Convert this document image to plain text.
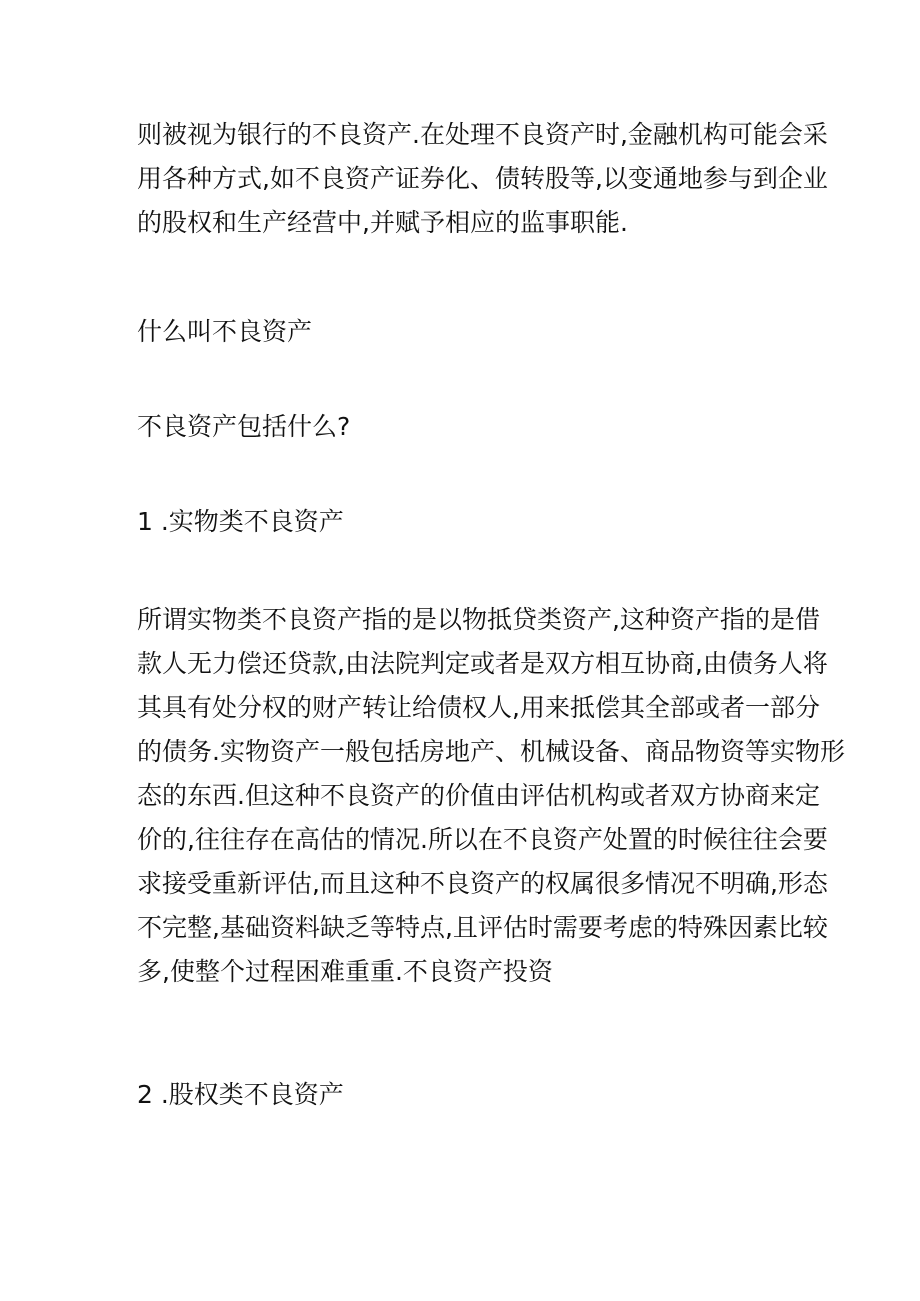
则被视为银行的不良资产.在处理不良资产时,金融机构可能会采
用各种方式,如不良资产证券化、债转股等,以变通地参与到企业
的股权和生产经营中,并赋予相应的监事职能.
什么叫不良资产
不良资产包括什么?
1 .实物类不良资产
所谓实物类不良资产指的是以物抵贷类资产,这种资产指的是借
款人无力偿还贷款,由法院判定或者是双方相互协商,由债务人将
其具有处分权的财产转让给债权人,用来抵偿其全部或者一部分
的债务.实物资产一般包括房地产、机械设备、商品物资等实物形
态的东西.但这种不良资产的价值由评估机构或者双方协商来定
价的,往往存在高估的情况.所以在不良资产处置的时候往往会要
求接受重新评估,而且这种不良资产的权属很多情况不明确,形态
不完整,基础资料缺乏等特点,且评估时需要考虑的特殊因素比较
多,使整个过程困难重重.不良资产投资
2 .股权类不良资产
